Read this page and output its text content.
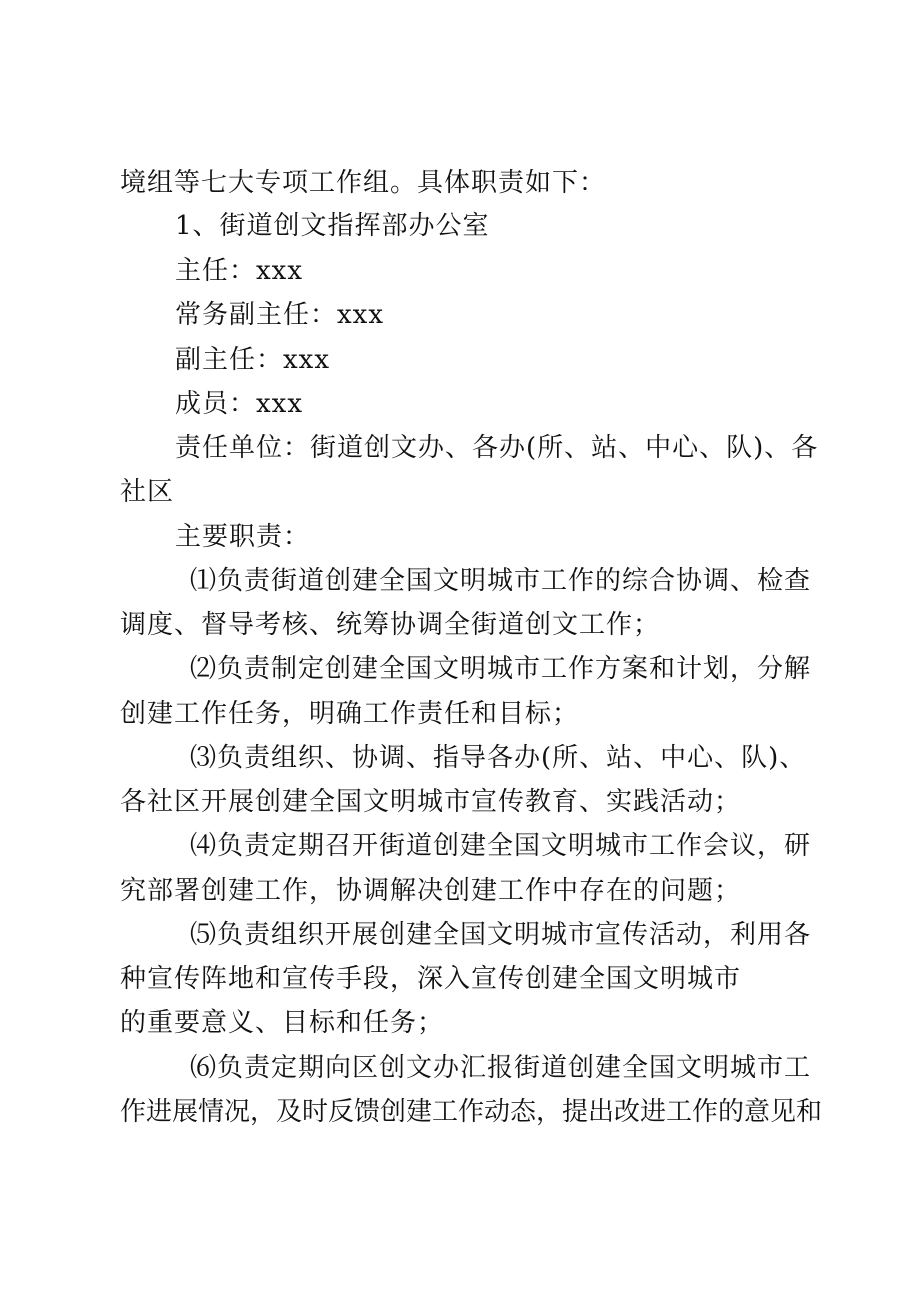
境组等七大专项工作组。具体职责如下：
1、街道创文指挥部办公室
主任：xxx
常务副主任：xxx
副主任：xxx
成员：xxx
责任单位：街道创文办、各办(所、站、中心、队)、各
社区
主要职责：
⑴负责街道创建全国文明城市工作的综合协调、检查
调度、督导考核、统筹协调全街道创文工作；
⑵负责制定创建全国文明城市工作方案和计划，分解
创建工作任务，明确工作责任和目标；
⑶负责组织、协调、指导各办(所、站、中心、队)、
各社区开展创建全国文明城市宣传教育、实践活动；
⑷负责定期召开街道创建全国文明城市工作会议，研
究部署创建工作，协调解决创建工作中存在的问题；
⑸负责组织开展创建全国文明城市宣传活动，利用各
种宣传阵地和宣传手段，深入宣传创建全国文明城市
的重要意义、目标和任务；
⑹负责定期向区创文办汇报街道创建全国文明城市工
作进展情况，及时反馈创建工作动态，提出改进工作的意见和
